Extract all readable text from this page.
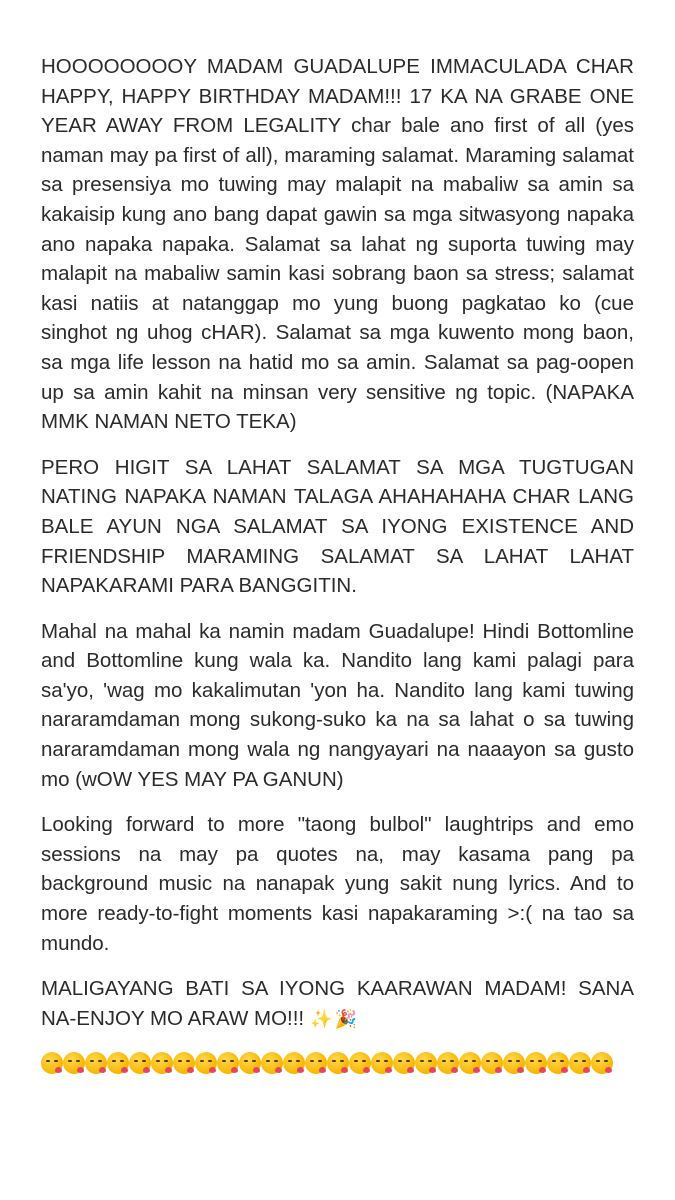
HOOOOOOOOY MADAM GUADALUPE IMMACULADA CHAR HAPPY, HAPPY BIRTHDAY MADAM!!! 17 KA NA GRABE ONE YEAR AWAY FROM LEGALITY char bale ano first of all (yes naman may pa first of all), maraming salamat. Maraming salamat sa presensiya mo tuwing may malapit na mabaliw sa amin sa kakaisip kung ano bang dapat gawin sa mga sitwasyong napaka ano napaka napaka. Salamat sa lahat ng suporta tuwing may malapit na mabaliw samin kasi sobrang baon sa stress; salamat kasi natiis at natanggap mo yung buong pagkatao ko (cue singhot ng uhog cHAR). Salamat sa mga kuwento mong baon, sa mga life lesson na hatid mo sa amin. Salamat sa pag-oopen up sa amin kahit na minsan very sensitive ng topic. (NAPAKA MMK NAMAN NETO TEKA)

PERO HIGIT SA LAHAT SALAMAT SA MGA TUGTUGAN NATING NAPAKA NAMAN TALAGA AHAHAHAHA CHAR LANG BALE AYUN NGA SALAMAT SA IYONG EXISTENCE AND FRIENDSHIP MARAMING SALAMAT SA LAHAT LAHAT NAPAKARAMI PARA BANGGITIN.

Mahal na mahal ka namin madam Guadalupe! Hindi Bottomline and Bottomline kung wala ka. Nandito lang kami palagi para sa'yo, 'wag mo kakalimutan 'yon ha. Nandito lang kami tuwing nararamdaman mong sukong-suko ka na sa lahat o sa tuwing nararamdaman mong wala ng nangyayari na naaayon sa gusto mo (wOW YES MAY PA GANUN)

Looking forward to more "taong bulbol" laughtrips and emo sessions na may pa quotes na, may kasama pang pa background music na nanapak yung sakit nung lyrics. And to more ready-to-fight moments kasi napakaraming >:( na tao sa mundo.

MALIGAYANG BATI SA IYONG KAARAWAN MADAM! SANA NA-ENJOY MO ARAW MO!!! ✨🎉
